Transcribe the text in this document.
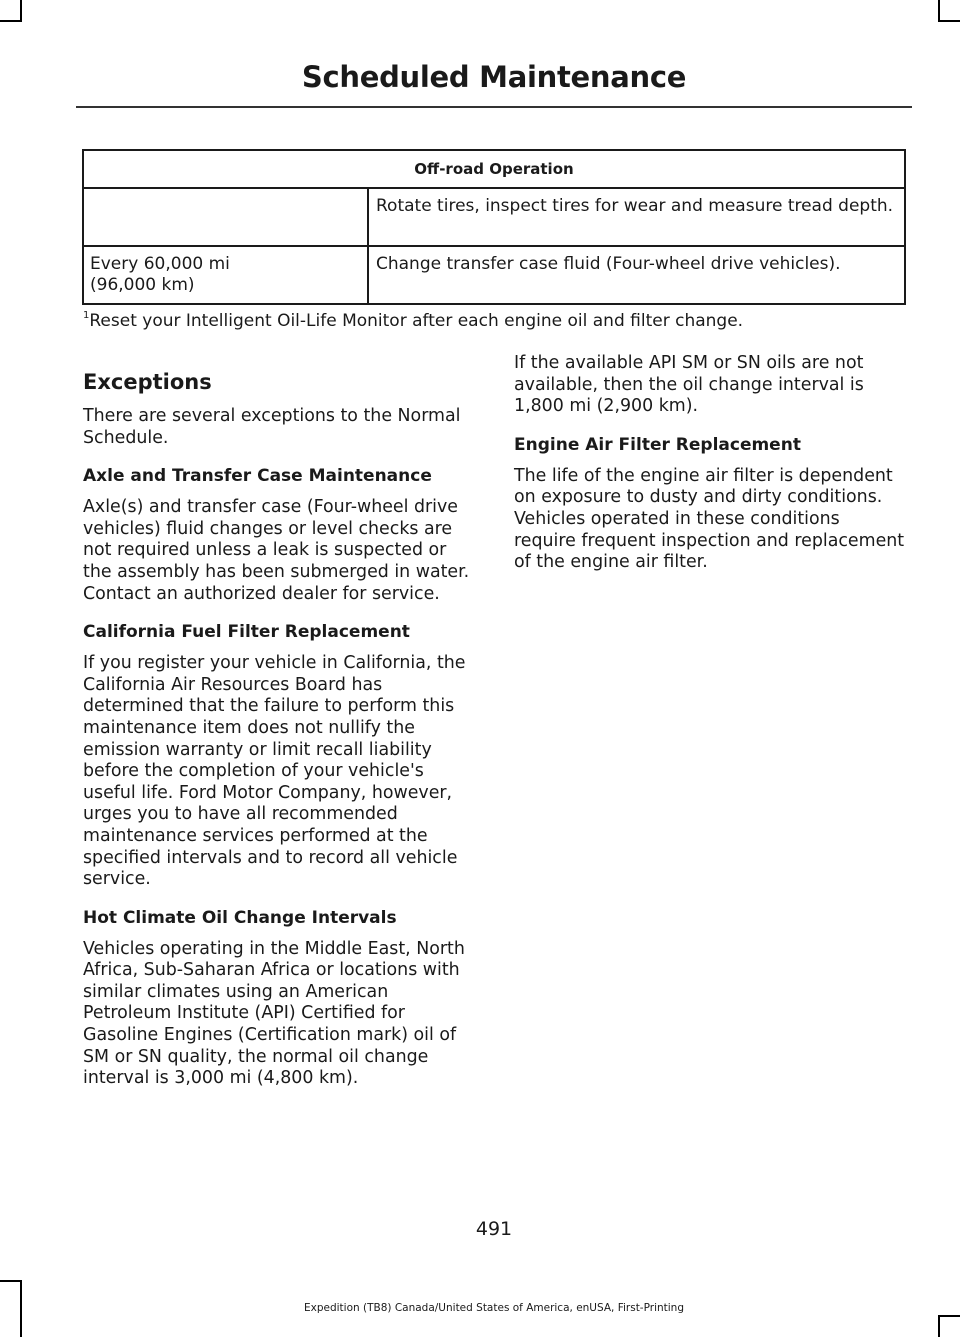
Scheduled Maintenance
Off-road Operation	
	Rotate tires, inspect tires for wear and measure tread depth.

Every 60,000 mi (96,000 km)	Change transfer case fluid (Four-wheel drive vehicles).
$^1$Reset your Intelligent Oil-Life Monitor after each engine oil and filter change.
Exceptions

There are several exceptions to the Normal Schedule.

Axle and Transfer Case Maintenance

Axle(s) and transfer case (Four-wheel drive vehicles) fluid changes or level checks are not required unless a leak is suspected or the assembly has been submerged in water. Contact an authorized dealer for service.

California Fuel Filter Replacement

If you register your vehicle in California, the California Air Resources Board has determined that the failure to perform this maintenance item does not nullify the emission warranty or limit recall liability before the completion of your vehicle's useful life. Ford Motor Company, however, urges you to have all recommended maintenance services performed at the specified intervals and to record all vehicle service.

Hot Climate Oil Change Intervals

Vehicles operating in the Middle East, North Africa, Sub-Saharan Africa or locations with similar climates using an American Petroleum Institute (API) Certified for Gasoline Engines (Certification mark) oil of SM or SN quality, the normal oil change interval is 3,000 mi (4,800 km).

If the available API SM or SN oils are not available, then the oil change interval is 1,800 mi (2,900 km).

Engine Air Filter Replacement

The life of the engine air filter is dependent on exposure to dusty and dirty conditions. Vehicles operated in these conditions require frequent inspection and replacement of the engine air filter.

491
Expedition (TB8) Canada/United States of America, enUSA, First-Printing
